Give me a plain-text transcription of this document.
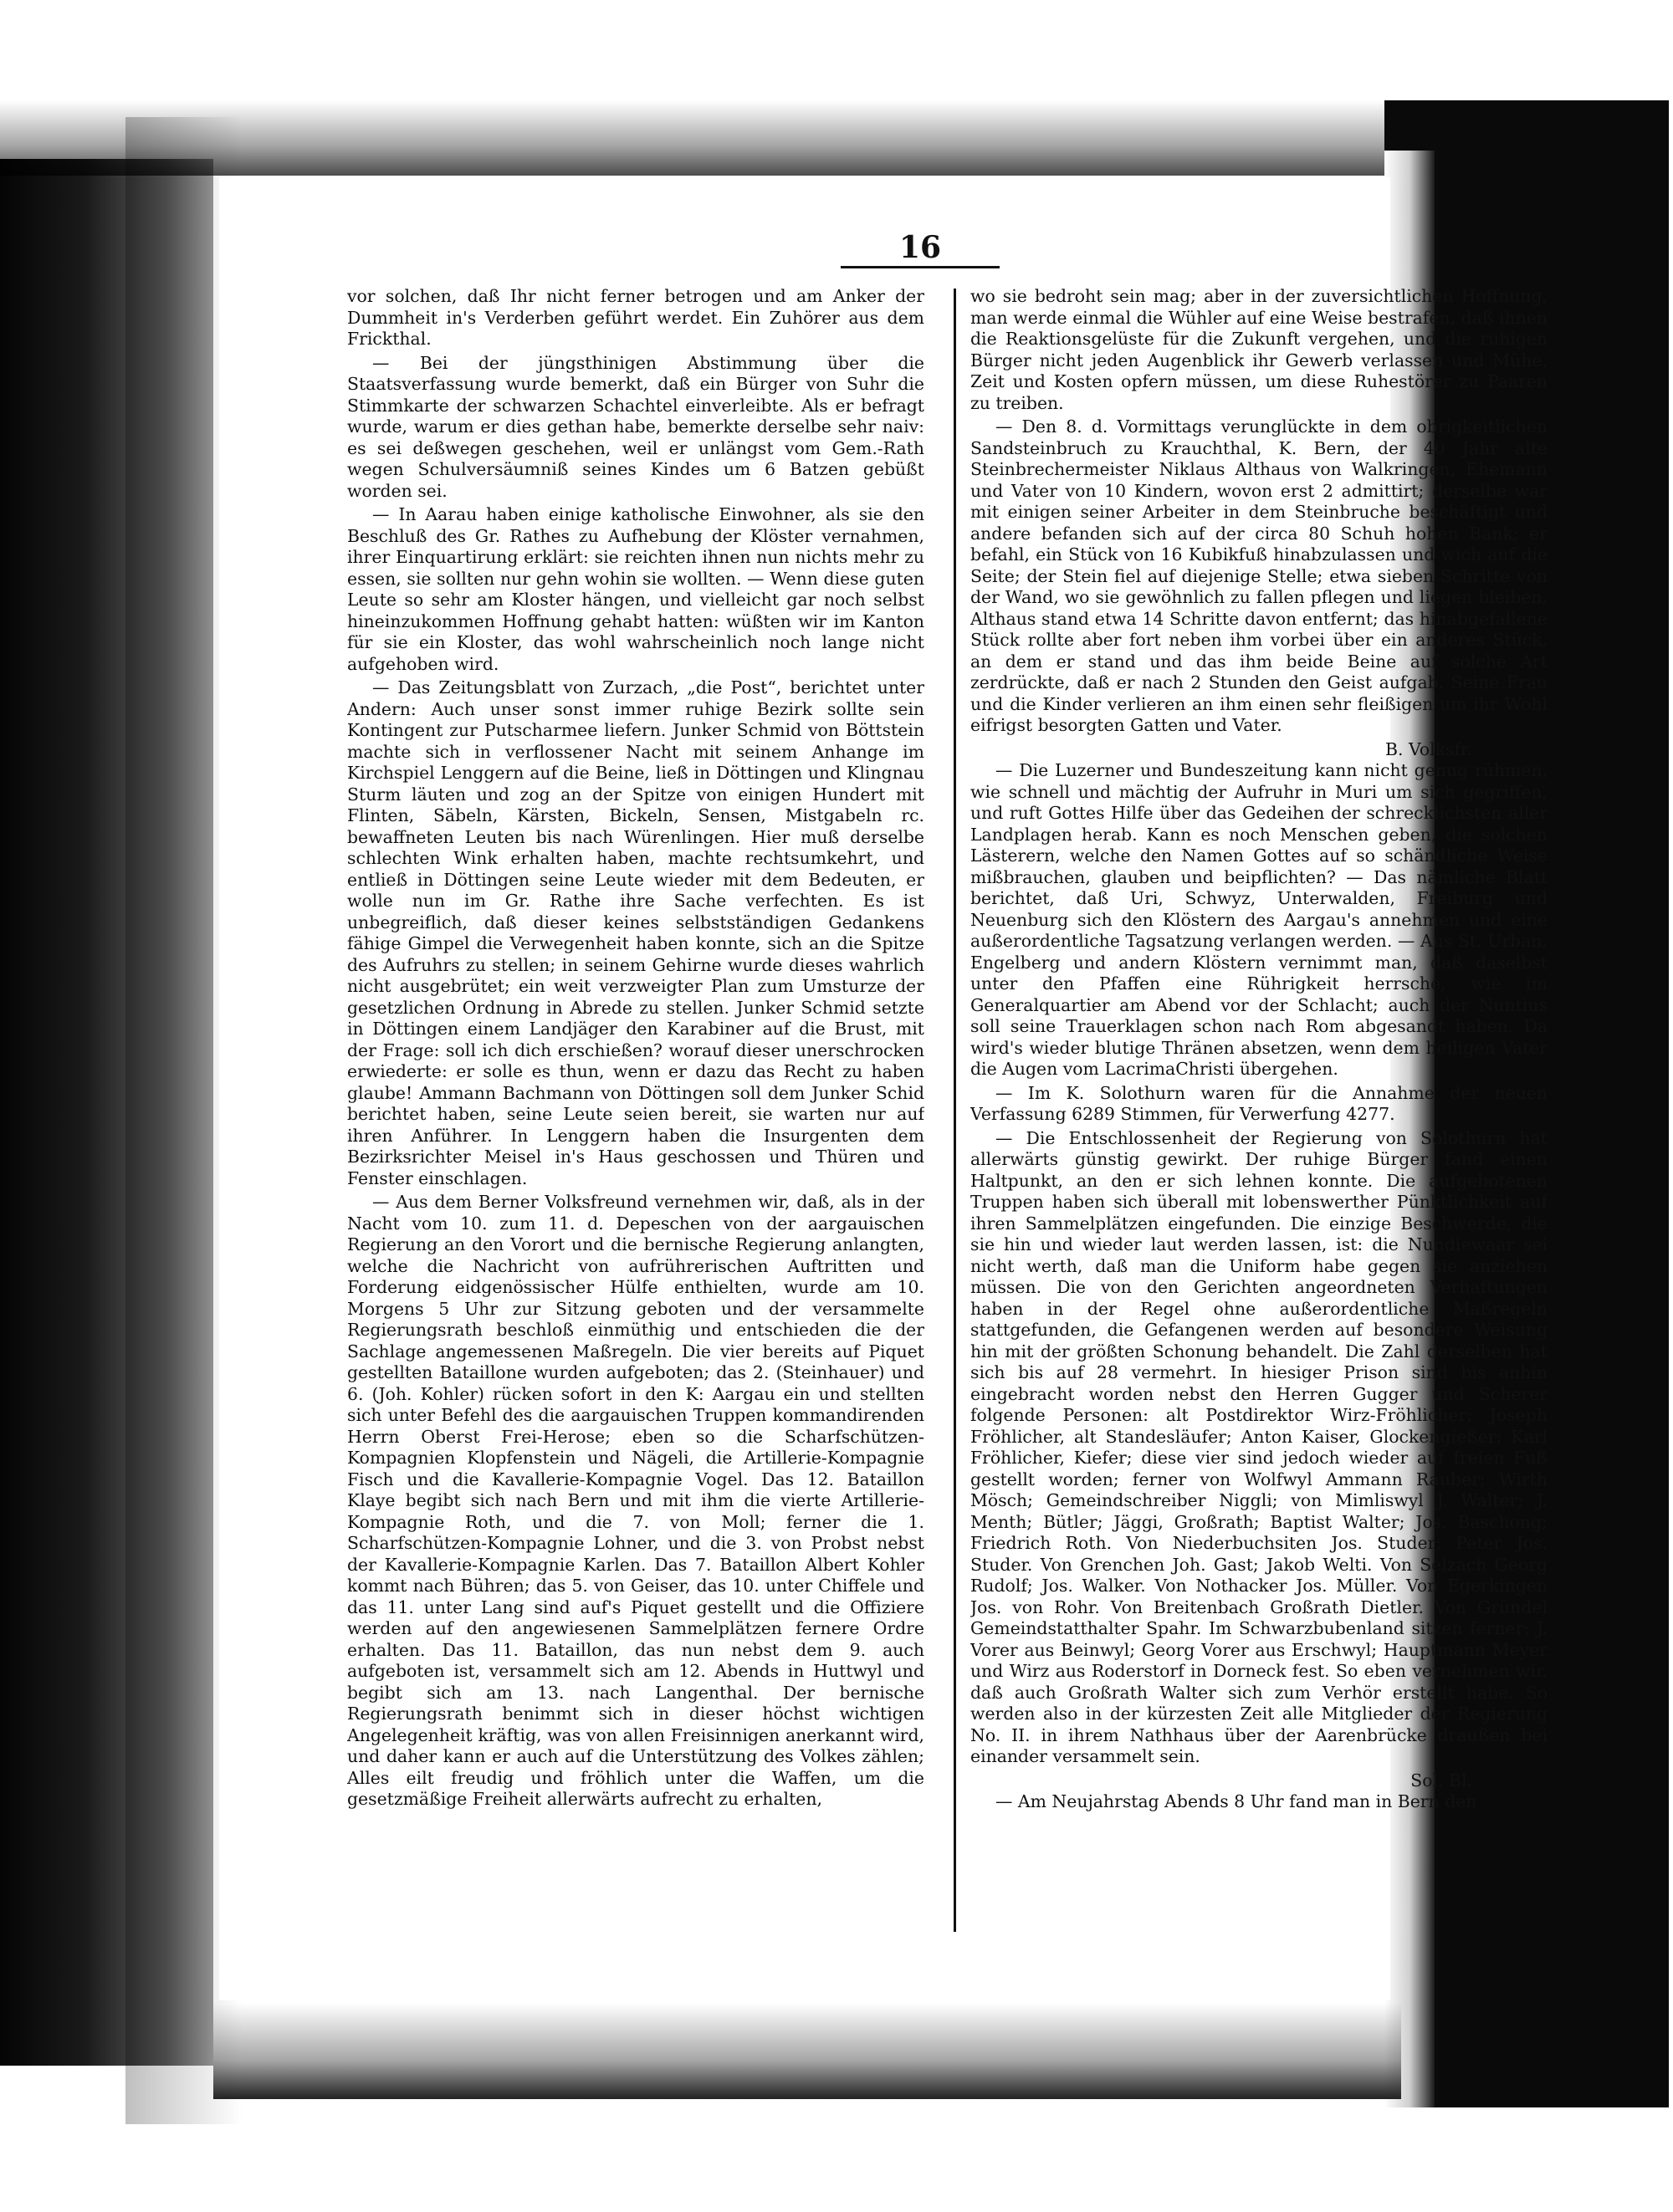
16

vor solchen, daß Ihr nicht ferner betrogen und am Anker der Dummheit in's Verderben geführt werdet. Ein Zuhörer aus dem Frickthal.

— Bei der jüngsthinigen Abstimmung über die Staatsverfassung wurde bemerkt, daß ein Bürger von Suhr die Stimmkarte der schwarzen Schachtel einverleibte. Als er befragt wurde, warum er dies gethan habe, bemerkte derselbe sehr naiv: es sei deßwegen geschehen, weil er unlängst vom Gem.-Rath wegen Schulversäumniß seines Kindes um 6 Batzen gebüßt worden sei.

— In Aarau haben einige katholische Einwohner, als sie den Beschluß des Gr. Rathes zu Aufhebung der Klöster vernahmen, ihrer Einquartirung erklärt: sie reichten ihnen nun nichts mehr zu essen, sie sollten nur gehn wohin sie wollten. — Wenn diese guten Leute so sehr am Kloster hängen, und vielleicht gar noch selbst hineinzukommen Hoffnung gehabt hatten: wüßten wir im Kanton für sie ein Kloster, das wohl wahrscheinlich noch lange nicht aufgehoben wird.

— Das Zeitungsblatt von Zurzach, „die Post“, berichtet unter Andern: Auch unser sonst immer ruhige Bezirk sollte sein Kontingent zur Putscharmee liefern. Junker Schmid von Böttstein machte sich in verflossener Nacht mit seinem Anhange im Kirchspiel Lenggern auf die Beine, ließ in Döttingen und Klingnau Sturm läuten und zog an der Spitze von einigen Hundert mit Flinten, Säbeln, Kärsten, Bickeln, Sensen, Mistgabeln rc. bewaffneten Leuten bis nach Würenlingen. Hier muß derselbe schlechten Wink erhalten haben, machte rechtsumkehrt, und entließ in Döttingen seine Leute wieder mit dem Bedeuten, er wolle nun im Gr. Rathe ihre Sache verfechten. Es ist unbegreiflich, daß dieser keines selbstständigen Gedankens fähige Gimpel die Verwegenheit haben konnte, sich an die Spitze des Aufruhrs zu stellen; in seinem Gehirne wurde dieses wahrlich nicht ausgebrütet; ein weit verzweigter Plan zum Umsturze der gesetzlichen Ordnung in Abrede zu stellen. Junker Schmid setzte in Döttingen einem Landjäger den Karabiner auf die Brust, mit der Frage: soll ich dich erschießen? worauf dieser unerschrocken erwiederte: er solle es thun, wenn er dazu das Recht zu haben glaube! Ammann Bachmann von Döttingen soll dem Junker Schid berichtet haben, seine Leute seien bereit, sie warten nur auf ihren Anführer. In Lenggern haben die Insurgenten dem Bezirksrichter Meisel in's Haus geschossen und Thüren und Fenster einschlagen.

— Aus dem Berner Volksfreund vernehmen wir, daß, als in der Nacht vom 10. zum 11. d. Depeschen von der aargauischen Regierung an den Vorort und die bernische Regierung anlangten, welche die Nachricht von aufrührerischen Auftritten und Forderung eidgenössischer Hülfe enthielten, wurde am 10. Morgens 5 Uhr zur Sitzung geboten und der versammelte Regierungsrath beschloß einmüthig und entschieden die der Sachlage angemessenen Maßregeln. Die vier bereits auf Piquet gestellten Bataillone wurden aufgeboten; das 2. (Steinhauer) und 6. (Joh. Kohler) rücken sofort in den K: Aargau ein und stellten sich unter Befehl des die aargauischen Truppen kommandirenden Herrn Oberst Frei-Herose; eben so die Scharfschützen-Kompagnien Klopfenstein und Nägeli, die Artillerie-Kompagnie Fisch und die Kavallerie-Kompagnie Vogel. Das 12. Bataillon Klaye begibt sich nach Bern und mit ihm die vierte Artillerie-Kompagnie Roth, und die 7. von Moll; ferner die 1. Scharfschützen-Kompagnie Lohner, und die 3. von Probst nebst der Kavallerie-Kompagnie Karlen. Das 7. Bataillon Albert Kohler kommt nach Bühren; das 5. von Geiser, das 10. unter Chiffele und das 11. unter Lang sind auf's Piquet gestellt und die Offiziere werden auf den angewiesenen Sammelplätzen fernere Ordre erhalten. Das 11. Bataillon, das nun nebst dem 9. auch aufgeboten ist, versammelt sich am 12. Abends in Huttwyl und begibt sich am 13. nach Langenthal. Der bernische Regierungsrath benimmt sich in dieser höchst wichtigen Angelegenheit kräftig, was von allen Freisinnigen anerkannt wird, und daher kann er auch auf die Unterstützung des Volkes zählen; Alles eilt freudig und fröhlich unter die Waffen, um die gesetzmäßige Freiheit allerwärts aufrecht zu erhalten,

wo sie bedroht sein mag; aber in der zuversichtlichen Hoffnung, man werde einmal die Wühler auf eine Weise bestrafen, daß ihnen die Reaktionsgelüste für die Zukunft vergehen, und die ruhigen Bürger nicht jeden Augenblick ihr Gewerb verlassen und Mühe, Zeit und Kosten opfern müssen, um diese Ruhestörer zu Paaren zu treiben.

— Den 8. d. Vormittags verunglückte in dem obrigkeitlichen Sandsteinbruch zu Krauchthal, K. Bern, der 40 Jahr alte Steinbrechermeister Niklaus Althaus von Walkringen, Ehemann und Vater von 10 Kindern, wovon erst 2 admittirt; derselbe war mit einigen seiner Arbeiter in dem Steinbruche beschäftigt und andere befanden sich auf der circa 80 Schuh hohen Bank; er befahl, ein Stück von 16 Kubikfuß hinabzulassen und wich auf die Seite; der Stein fiel auf diejenige Stelle; etwa sieben Schritte von der Wand, wo sie gewöhnlich zu fallen pflegen und liegen bleiben, Althaus stand etwa 14 Schritte davon entfernt; das hinabgefallene Stück rollte aber fort neben ihm vorbei über ein anderes Stück, an dem er stand und das ihm beide Beine auf solche Art zerdrückte, daß er nach 2 Stunden den Geist aufgab. Seine Frau und die Kinder verlieren an ihm einen sehr fleißigen um ihr Wohl eifrigst besorgten Gatten und Vater.

B. Volksfr.

— Die Luzerner und Bundeszeitung kann nicht genug rühmen, wie schnell und mächtig der Aufruhr in Muri um sich gegriffen, und ruft Gottes Hilfe über das Gedeihen der schrecklichsten aller Landplagen herab. Kann es noch Menschen geben, die solchen Lästerern, welche den Namen Gottes auf so schändliche Weise mißbrauchen, glauben und beipflichten? — Das nämliche Blatt berichtet, daß Uri, Schwyz, Unterwalden, Freiburg und Neuenburg sich den Klöstern des Aargau's annehmen und eine außerordentliche Tagsatzung verlangen werden. — Aus St. Urban, Engelberg und andern Klöstern vernimmt man, daß daselbst unter den Pfaffen eine Rührigkeit herrsche, wie im Generalquartier am Abend vor der Schlacht; auch der Nuntius soll seine Trauerklagen schon nach Rom abgesandt haben. Da wird's wieder blutige Thränen absetzen, wenn dem heiligen Vater die Augen vom LacrimaChristi übergehen.

— Im K. Solothurn waren für die Annahme der neuen Verfassung 6289 Stimmen, für Verwerfung 4277.

— Die Entschlossenheit der Regierung von Solothurn hat allerwärts günstig gewirkt. Der ruhige Bürger fand einen Haltpunkt, an den er sich lehnen konnte. Die aufgebotenen Truppen haben sich überall mit lobenswerther Pünktlichkeit auf ihren Sammelplätzen eingefunden. Die einzige Beschwerde, die sie hin und wieder laut werden lassen, ist: die Nundiewaar sei nicht werth, daß man die Uniform habe gegen sie anziehen müssen. Die von den Gerichten angeordneten Verhaftungen haben in der Regel ohne außerordentliche Maßregeln stattgefunden, die Gefangenen werden auf besondere Weisung hin mit der größten Schonung behandelt. Die Zahl derselben hat sich bis auf 28 vermehrt. In hiesiger Prison sind bis anhin eingebracht worden nebst den Herren Gugger und Scherer folgende Personen: alt Postdirektor Wirz-Fröhlicher; Joseph Fröhlicher, alt Standesläufer; Anton Kaiser, Glockengießer; Karl Fröhlicher, Kiefer; diese vier sind jedoch wieder auf freien Fuß gestellt worden; ferner von Wolfwyl Ammann Rauber; Wirth Mösch; Gemeindschreiber Niggli; von Mimliswyl J. Walter; J. Menth; Bütler; Jäggi, Großrath; Baptist Walter; Jos. Baschong; Friedrich Roth. Von Niederbuchsiten Jos. Studer; Peter Jos. Studer. Von Grenchen Joh. Gast; Jakob Welti. Von Selzach Georg Rudolf; Jos. Walker. Von Nothacker Jos. Müller. Von Egerkingen Jos. von Rohr. Von Breitenbach Großrath Dietler. Von Gründel Gemeindstatthalter Spahr. Im Schwarzbubenland sitzen ferner: J. Vorer aus Beinwyl; Georg Vorer aus Erschwyl; Hauptmann Meyer und Wirz aus Roderstorf in Dorneck fest. So eben vernehmen wir, daß auch Großrath Walter sich zum Verhör erstellt habe. So werden also in der kürzesten Zeit alle Mitglieder der Regierung No. II. in ihrem Nathhaus über der Aarenbrücke draußen bei einander versammelt sein.

Sol. Bl.

— Am Neujahrstag Abends 8 Uhr fand man in Bern den
